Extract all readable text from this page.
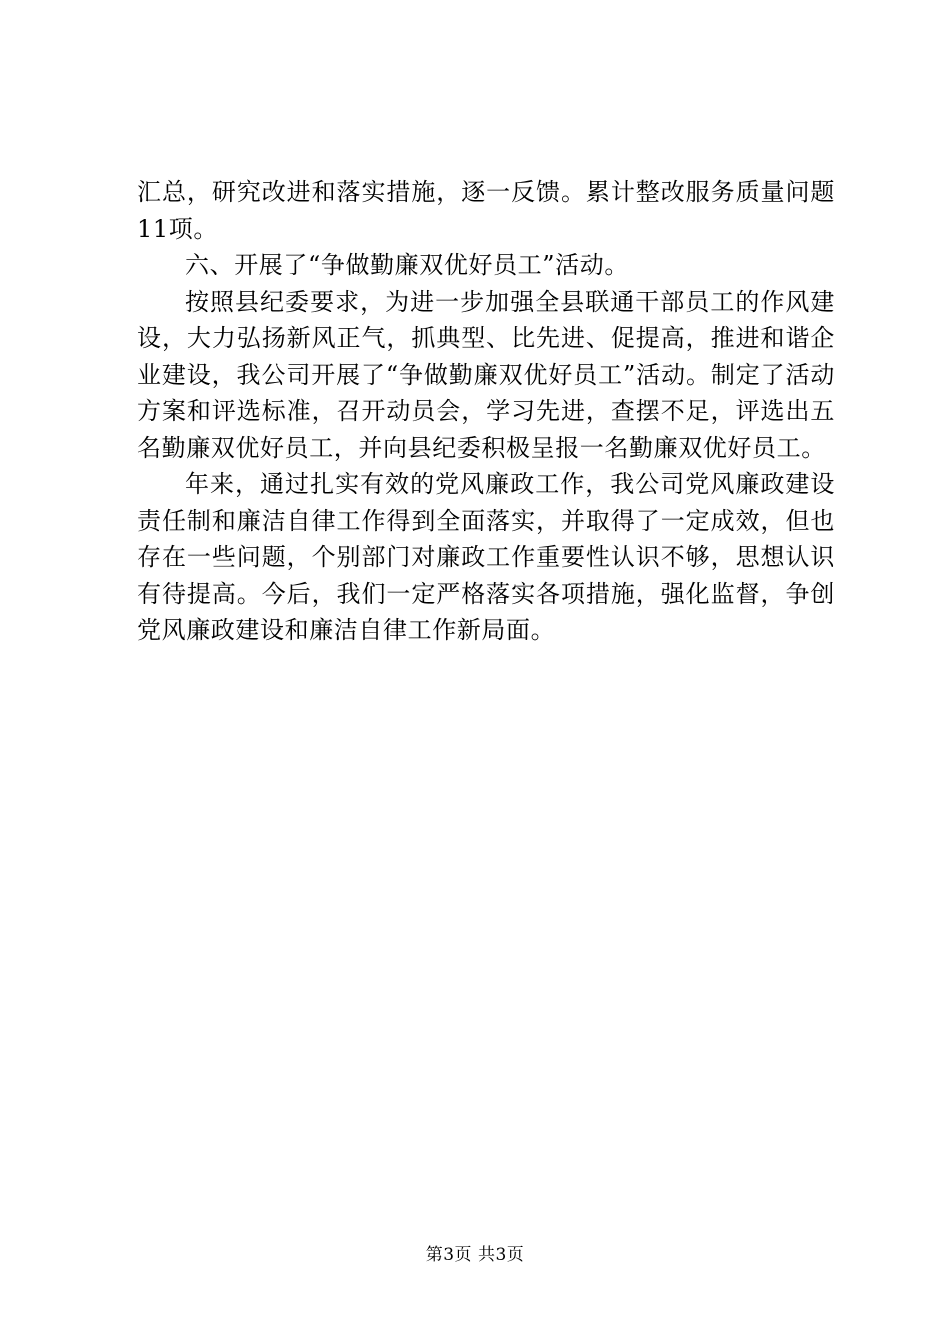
汇总，研究改进和落实措施，逐一反馈。累计整改服务质量问题11项。

六、开展了“争做勤廉双优好员工”活动。

按照县纪委要求，为进一步加强全县联通干部员工的作风建设，大力弘扬新风正气，抓典型、比先进、促提高，推进和谐企业建设，我公司开展了“争做勤廉双优好员工”活动。制定了活动方案和评选标准，召开动员会，学习先进，查摆不足，评选出五名勤廉双优好员工，并向县纪委积极呈报一名勤廉双优好员工。

年来，通过扎实有效的党风廉政工作，我公司党风廉政建设责任制和廉洁自律工作得到全面落实，并取得了一定成效，但也存在一些问题，个别部门对廉政工作重要性认识不够，思想认识有待提高。今后，我们一定严格落实各项措施，强化监督，争创党风廉政建设和廉洁自律工作新局面。

第3页 共3页
